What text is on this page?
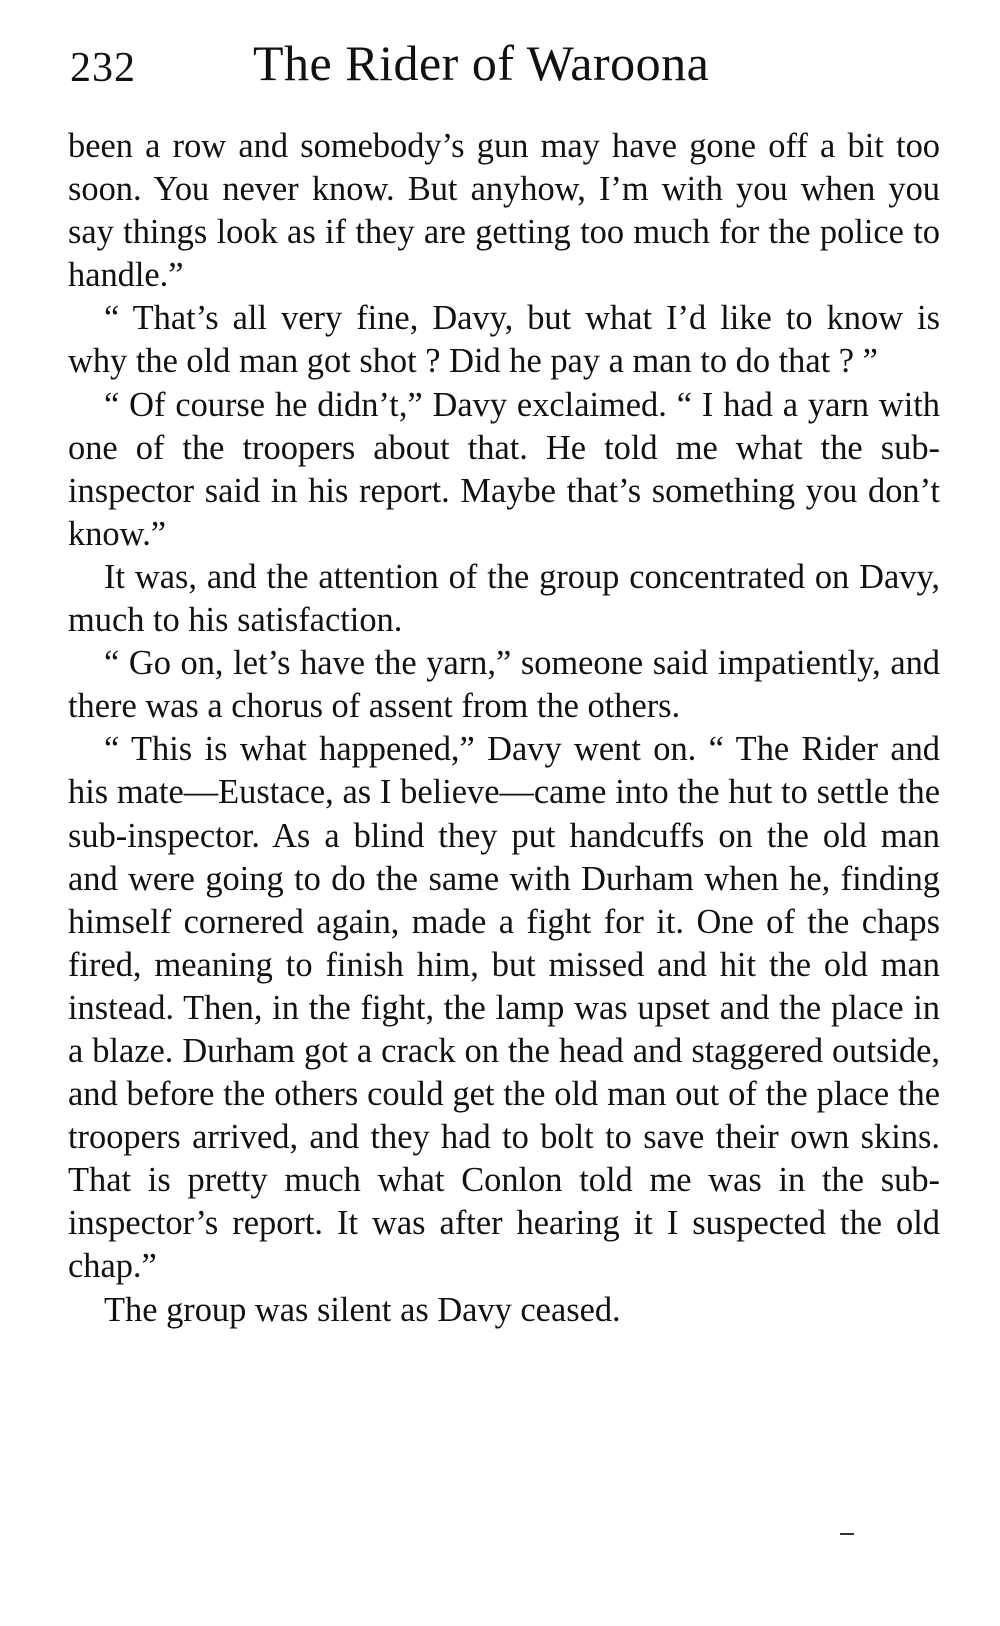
232 The Rider of Waroona

been a row and somebody’s gun may have gone off a bit too soon. You never know. But anyhow, I’m with you when you say things look as if they are getting too much for the police to handle.”

“ That’s all very fine, Davy, but what I’d like to know is why the old man got shot ? Did he pay a man to do that ? ”

“ Of course he didn’t,” Davy exclaimed. “ I had a yarn with one of the troopers about that. He told me what the sub-inspector said in his report. Maybe that’s something you don’t know.”

It was, and the attention of the group concentrated on Davy, much to his satisfaction.

“ Go on, let’s have the yarn,” someone said impatiently, and there was a chorus of assent from the others.

“ This is what happened,” Davy went on. “ The Rider and his mate—Eustace, as I believe—came into the hut to settle the sub-inspector. As a blind they put handcuffs on the old man and were going to do the same with Durham when he, finding himself cornered again, made a fight for it. One of the chaps fired, meaning to finish him, but missed and hit the old man instead. Then, in the fight, the lamp was upset and the place in a blaze. Durham got a crack on the head and staggered outside, and before the others could get the old man out of the place the troopers arrived, and they had to bolt to save their own skins. That is pretty much what Conlon told me was in the sub-inspector’s report. It was after hearing it I suspected the old chap.”

The group was silent as Davy ceased.
